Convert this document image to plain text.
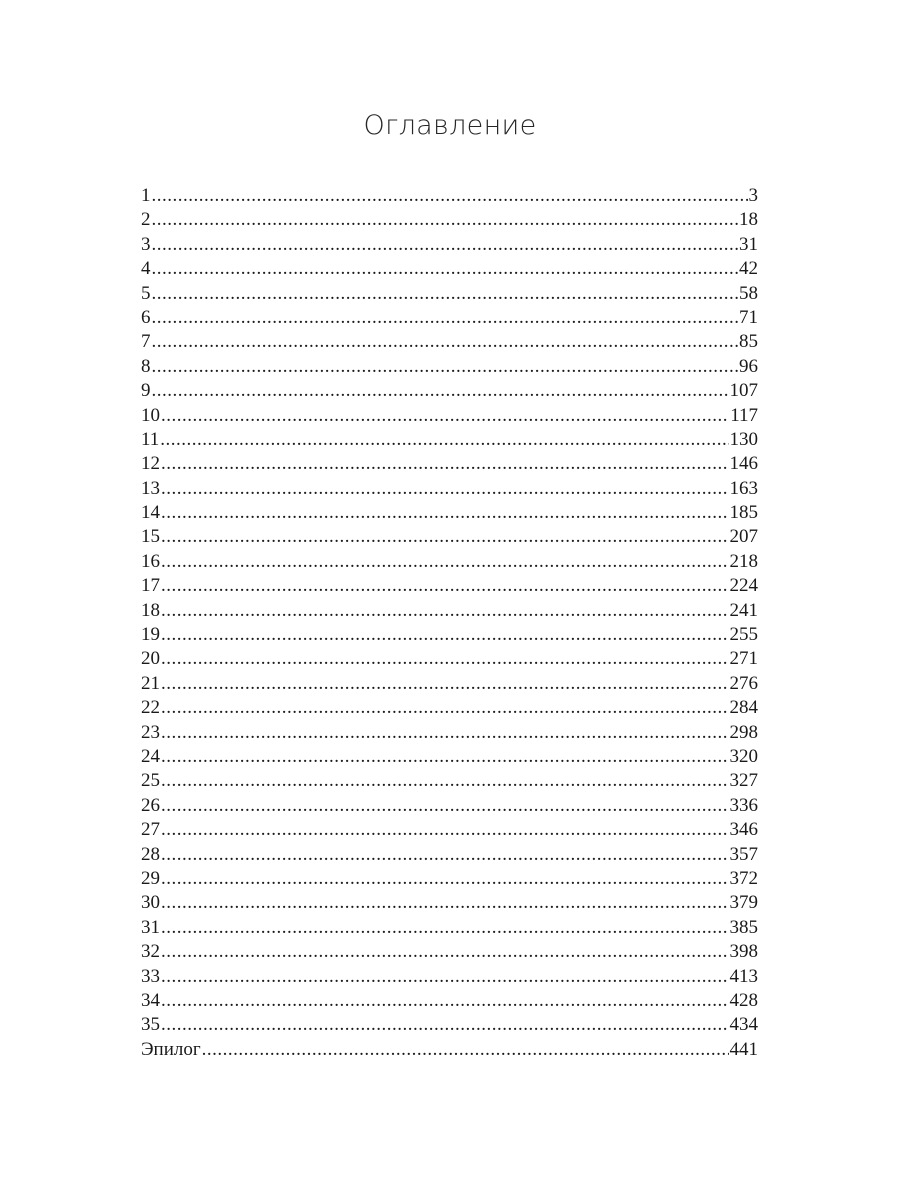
Оглавление
1 .....	3
2 .....	18
3 .....	31
4 .....	42
5 .....	58
6 .....	71
7 .....	85
8 .....	96
9 .....	107
10 .....	117
11 .....	130
12 .....	146
13 .....	163
14 .....	185
15 .....	207
16 .....	218
17 .....	224
18 .....	241
19 .....	255
20 .....	271
21 .....	276
22 .....	284
23 .....	298
24 .....	320
25 .....	327
26 .....	336
27 .....	346
28 .....	357
29 .....	372
30 .....	379
31 .....	385
32 .....	398
33 .....	413
34 .....	428
35 .....	434
Эпилог .....	441
